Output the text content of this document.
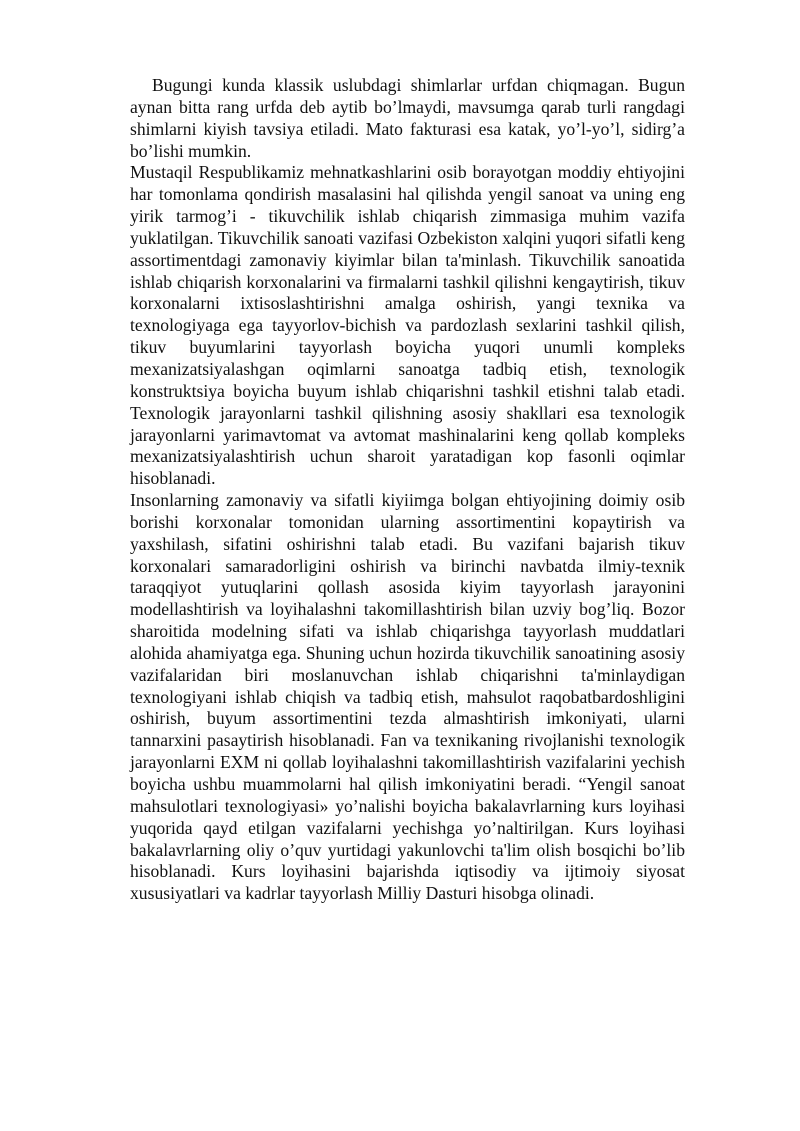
Bugungi kunda klassik uslubdagi shimlarlar urfdan chiqmagan. Bugun aynan bitta rang urfda deb aytib bo’lmaydi, mavsumga qarab turli rangdagi shimlarni kiyish tavsiya etiladi. Mato fakturasi esa katak, yo’l-yo’l, sidirg’a bo’lishi mumkin.

Mustaqil Respublikamiz mehnatkashlarini osib borayotgan moddiy ehtiyojini har tomonlama qondirish masalasini hal qilishda yengil sanoat va uning eng yirik tarmog’i - tikuvchilik ishlab chiqarish zimmasiga muhim vazifa yuklatilgan. Tikuvchilik sanoati vazifasi Ozbekiston xalqini yuqori sifatli keng assortimentdagi zamonaviy kiyimlar bilan ta'minlash. Tikuvchilik sanoatida ishlab chiqarish korxonalarini va firmalarni tashkil qilishni kengaytirish, tikuv korxonalarni ixtisoslashtirishni amalga oshirish, yangi texnika va texnologiyaga ega tayyorlov-bichish va pardozlash sexlarini tashkil qilish, tikuv buyumlarini tayyorlash boyicha yuqori unumli kompleks mexanizatsiyalashgan oqimlarni sanoatga tadbiq etish, texnologik konstruktsiya boyicha buyum ishlab chiqarishni tashkil etishni talab etadi. Texnologik jarayonlarni tashkil qilishning asosiy shakllari esa texnologik jarayonlarni yarimavtomat va avtomat mashinalarini keng qollab kompleks mexanizatsiyalashtirish uchun sharoit yaratadigan kop fasonli oqimlar hisoblanadi.

Insonlarning zamonaviy va sifatli kiyiimga bolgan ehtiyojining doimiy osib borishi korxonalar tomonidan ularning assortimentini kopaytirish va yaxshilash, sifatini oshirishni talab etadi. Bu vazifani bajarish tikuv korxonalari samaradorligini oshirish va birinchi navbatda ilmiy-texnik taraqqiyot yutuqlarini qollash asosida kiyim tayyorlash jarayonini modellashtirish va loyihalashni takomillashtirish bilan uzviy bog’liq. Bozor sharoitida modelning sifati va ishlab chiqarishga tayyorlash muddatlari alohida ahamiyatga ega. Shuning uchun hozirda tikuvchilik sanoatining asosiy vazifalaridan biri moslanuvchan ishlab chiqarishni ta'minlaydigan texnologiyani ishlab chiqish va tadbiq etish, mahsulot raqobatbardoshligini oshirish, buyum assortimentini tezda almashtirish imkoniyati, ularni tannarxini pasaytirish hisoblanadi. Fan va texnikaning rivojlanishi texnologik jarayonlarni EXM ni qollab loyihalashni takomillashtirish vazifalarini yechish boyicha ushbu muammolarni hal qilish imkoniyatini beradi. “Yengil sanoat mahsulotlari texnologiyasi» yo’nalishi boyicha bakalavrlarning kurs loyihasi yuqorida qayd etilgan vazifalarni yechishga yo’naltirilgan. Kurs loyihasi bakalavrlarning oliy o’quv yurtidagi yakunlovchi ta'lim olish bosqichi bo’lib hisoblanadi. Kurs loyihasini bajarishda iqtisodiy va ijtimoiy siyosat xususiyatlari va kadrlar tayyorlash Milliy Dasturi hisobga olinadi.
